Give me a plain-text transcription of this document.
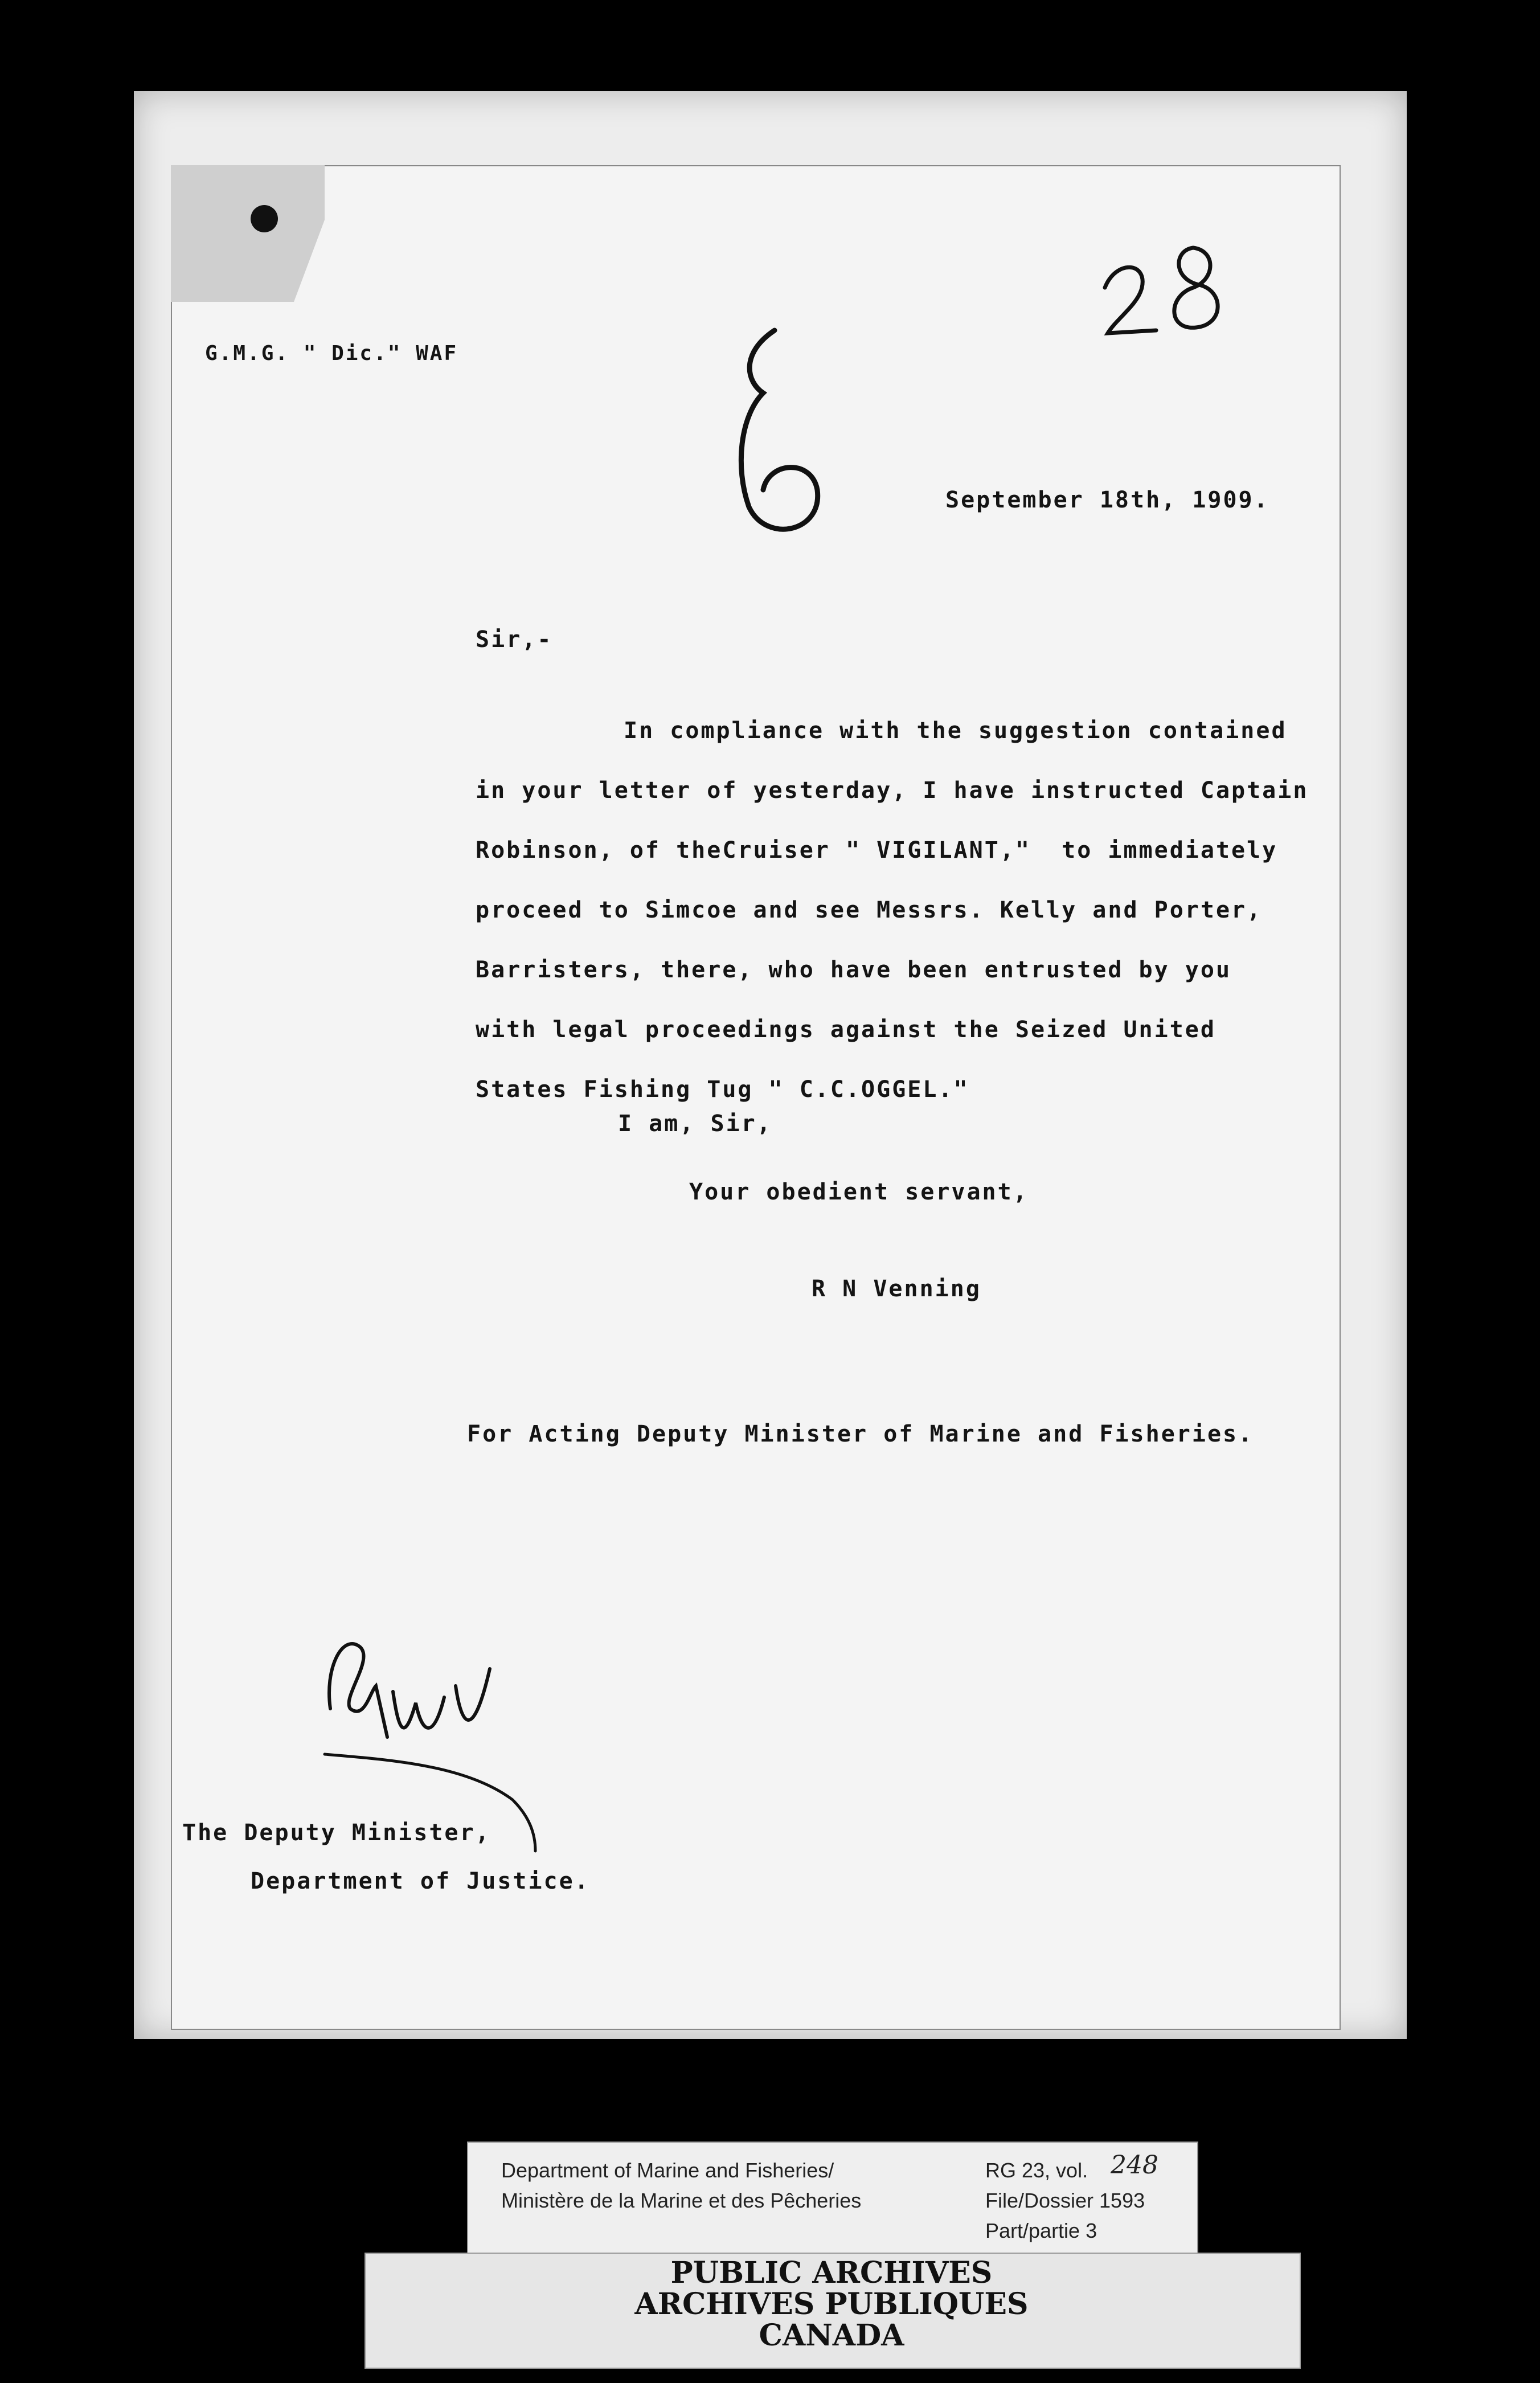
G.M.G. " Dic." WAF
September 18th, 1909.
Sir,-
In compliance with the suggestion contained
in your letter of yesterday, I have instructed Captain
Robinson, of theCruiser " VIGILANT,"  to immediately
proceed to Simcoe and see Messrs. Kelly and Porter,
Barristers, there, who have been entrusted by you
with legal proceedings against the Seized United
States Fishing Tug " C.C.OGGEL."
I am, Sir,
Your obedient servant,
R N Venning
For Acting Deputy Minister of Marine and Fisheries.
The Deputy Minister,
Department of Justice.
Department of Marine and Fisheries/
Ministère de la Marine et des Pêcheries
RG 23, vol. 248
File/Dossier 1593
Part/partie 3
PUBLIC ARCHIVES
ARCHIVES PUBLIQUES
CANADA
